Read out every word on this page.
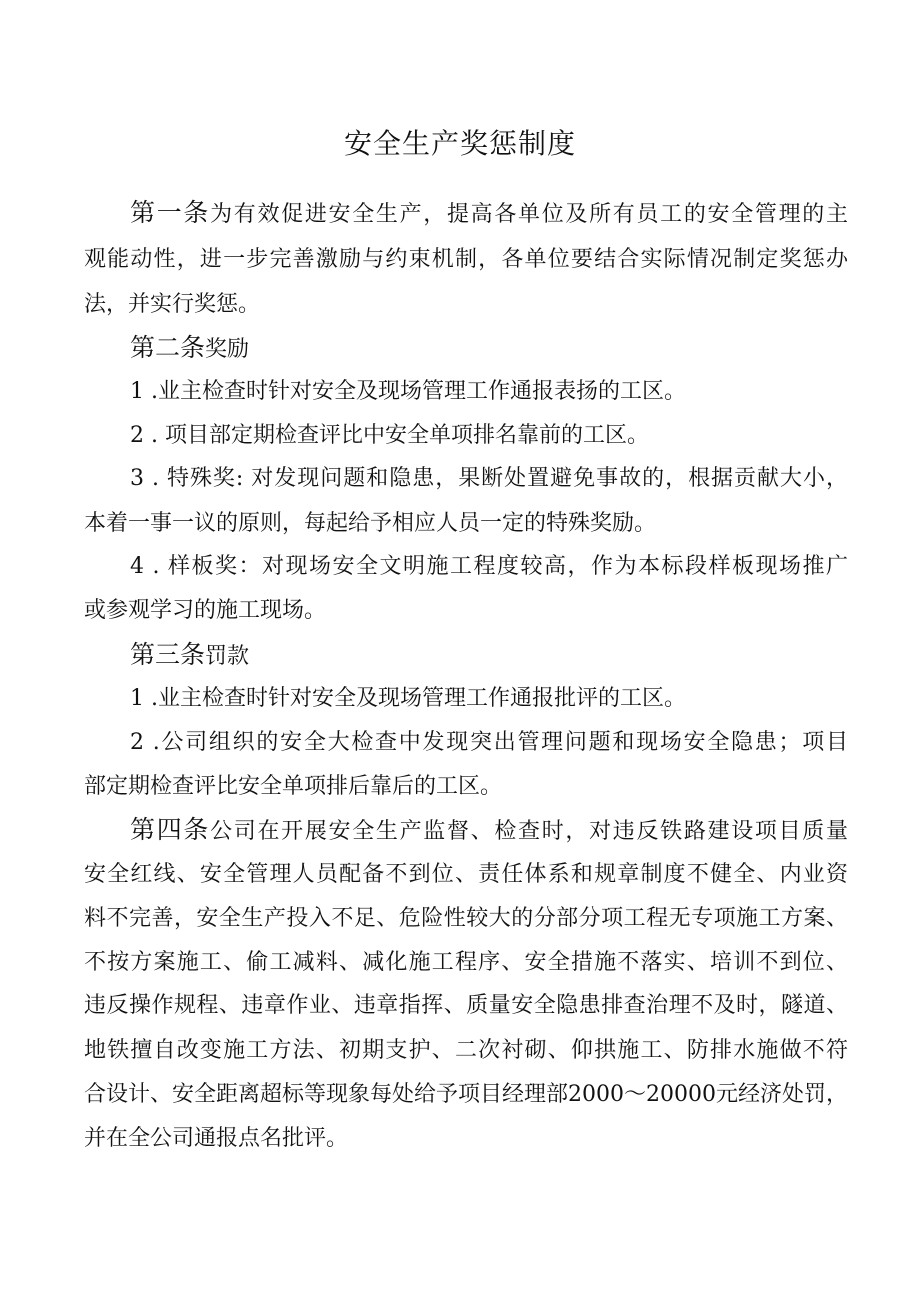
安全生产奖惩制度
第一条为有效促进安全生产，提高各单位及所有员工的安全管理的主
观能动性，进一步完善激励与约束机制，各单位要结合实际情况制定奖惩办
法，并实行奖惩。
第二条奖励
1 .业主检查时针对安全及现场管理工作通报表扬的工区。
2 . 项目部定期检查评比中安全单项排名靠前的工区。
3 . 特殊奖: 对发现问题和隐患，果断处置避免事故的，根据贡献大小，
本着一事一议的原则，每起给予相应人员一定的特殊奖励。
4 . 样板奖：对现场安全文明施工程度较高，作为本标段样板现场推广
或参观学习的施工现场。
第三条罚款
1 .业主检查时针对安全及现场管理工作通报批评的工区。
2 .公司组织的安全大检查中发现突出管理问题和现场安全隐患；项目
部定期检查评比安全单项排后靠后的工区。
第四条公司在开展安全生产监督、检查时，对违反铁路建设项目质量
安全红线、安全管理人员配备不到位、责任体系和规章制度不健全、内业资
料不完善，安全生产投入不足、危险性较大的分部分项工程无专项施工方案、
不按方案施工、偷工减料、减化施工程序、安全措施不落实、培训不到位、
违反操作规程、违章作业、违章指挥、质量安全隐患排查治理不及时，隧道、
地铁擅自改变施工方法、初期支护、二次衬砌、仰拱施工、防排水施做不符
合设计、安全距离超标等现象每处给予项目经理部2000～20000元经济处罚，
并在全公司通报点名批评。
